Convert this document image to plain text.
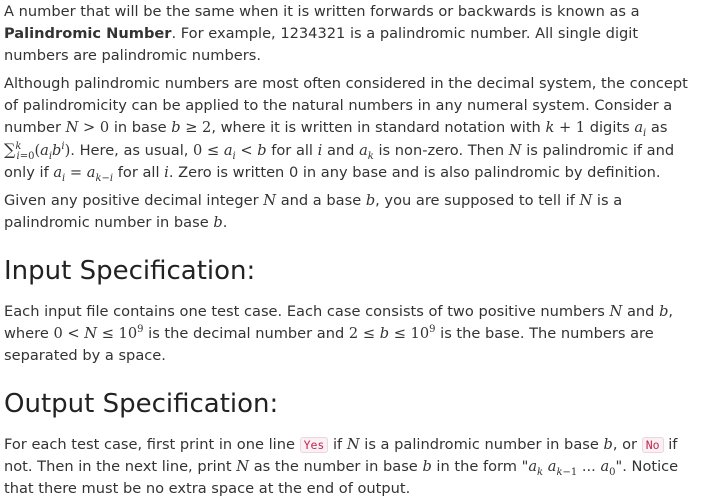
A number that will be the same when it is written forwards or backwards is known as a Palindromic Number. For example, 1234321 is a palindromic number. All single digit numbers are palindromic numbers.

Although palindromic numbers are most often considered in the decimal system, the concept of palindromicity can be applied to the natural numbers in any numeral system. Consider a number N > 0 in base b ≥ 2, where it is written in standard notation with k + 1 digits $a_i$ as $\sum^k_{i=0}(a_ib^i)$. Here, as usual, $0 \le a_i < b$ for all i and $a_k$ is non-zero. Then N is palindromic if and only if $a_i = a_{k-i}$ for all i. Zero is written 0 in any base and is also palindromic by definition.

Given any positive decimal integer N and a base b, you are supposed to tell if N is a palindromic number in base b.

Input Specification:

Each input file contains one test case. Each case consists of two positive numbers N and b, where $0 < N \le 10^9$ is the decimal number and $2 \le b \le 10^9$ is the base. The numbers are separated by a space.

Output Specification:

For each test case, first print in one line Yes if N is a palindromic number in base b, or No if not. Then in the next line, print N as the number in base b in the form "$a_k$ $a_{k-1}$ ... $a_0$". Notice that there must be no extra space at the end of output.
